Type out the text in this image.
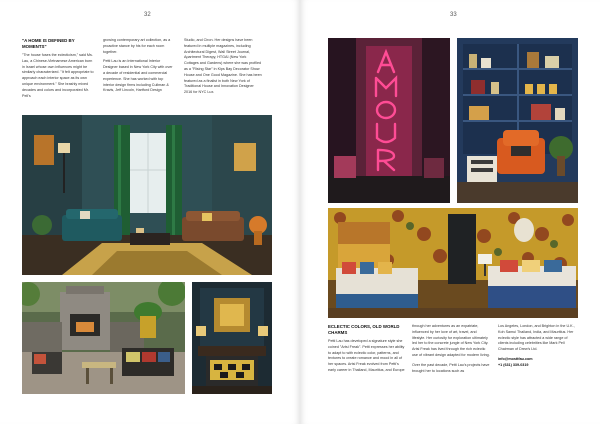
32
"A HOME IS DEFINED BY MOMENTS"

"The house fuses the eclecticism," said Ms. Lau, a Chinese-Vietnamese American born in Israel whose own influences might be similarly characterized. "It felt appropriate to approach each interior space as its own unique environment." She brashly mixed decades and colors and incorporated Mr. Pell's

growing contemporary art collection, as a proactive stance by his for each room together.

Petti Lau is an International Interior Designer based in New York City with over a decade of residential and commercial experience. She has worked with top interior design firms including Cullman & Kravis, Jeff Lincoln, Hartford Design

Studio, and Ciron. Her designs have been featured in multiple magazines, including Architectural Digest, Wall Street Journal, Apartment Therapy, HTGAI (New York Cottages and Gardens) where she was profiled as a "Rising Star" in Kips Bay Decorator Show House and One Good Magazine. She has been featured as a finalist in both New York of Traditional House and Innovation Designer 2016 for NYC Lux.

33
ECLECTIC COLORS, OLD WORLD CHARMS

Petti Lau has developed a signature style she coined "Artsi Freak". Petti expresses her ability to adapt to with eclectic color, patterns, and textures to create romance and mood in all of her spaces. Artsi Freak evolved from Petti's early career in Thailand, Mauritius, and Europe

through her adventures as an expatriate, influenced by her love of art, travel, and lifestyle. Her curiosity for exploration ultimately led her to the concrete jungle of New York City. Artsi Freak has lived through the rich eclectic use of vibrant design adapted for modern living.

Over the past decade, Petti Lau's projects have brought her to locations such as

Los Angeles, London, and Brighton in the U.K., Koh Samui Thailand, India, and Mauritius. Her eclectic style has attracted a wide range of clients including celebrities like Mark Pell Chairman of Drew's Ltd.

info@mosttfau.com
+1 (631) 339-0319
